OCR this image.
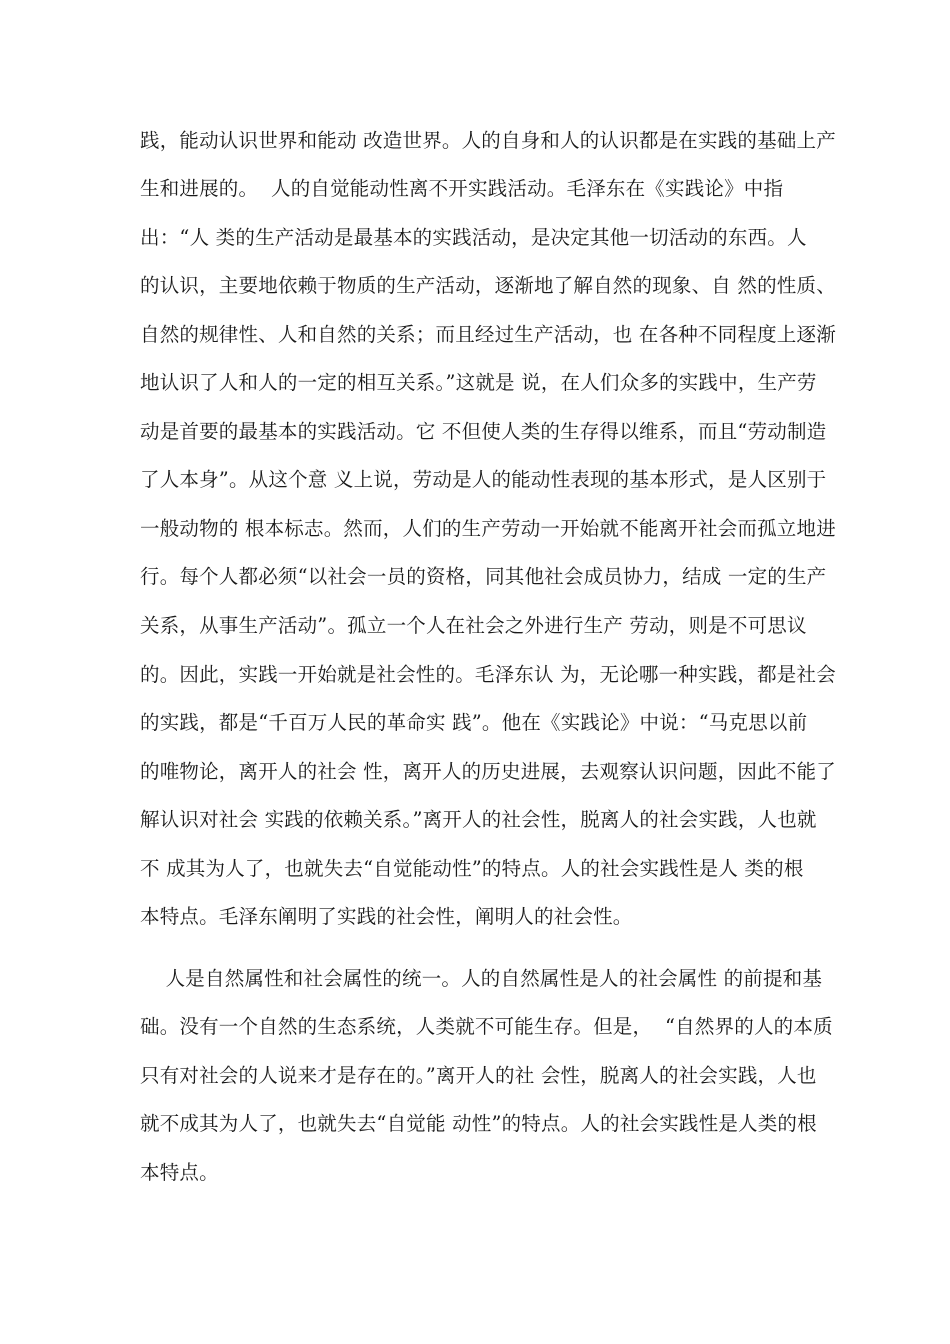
践，能动认识世界和能动 改造世界。人的自身和人的认识都是在实践的基础上产
生和进展的。  人的自觉能动性离不开实践活动。毛泽东在《实践论》中指
出：“人 类的生产活动是最基本的实践活动，是决定其他一切活动的东西。人
的认识，主要地依赖于物质的生产活动，逐渐地了解自然的现象、自 然的性质、
自然的规律性、人和自然的关系；而且经过生产活动，也 在各种不同程度上逐渐
地认识了人和人的一定的相互关系。”这就是 说，在人们众多的实践中，生产劳
动是首要的最基本的实践活动。它 不但使人类的生存得以维系，而且“劳动制造
了人本身”。从这个意 义上说，劳动是人的能动性表现的基本形式，是人区别于
一般动物的 根本标志。然而，人们的生产劳动一开始就不能离开社会而孤立地进
行。每个人都必须“以社会一员的资格，同其他社会成员协力，结成 一定的生产
关系，从事生产活动”。孤立一个人在社会之外进行生产 劳动，则是不可思议
的。因此，实践一开始就是社会性的。毛泽东认 为，无论哪一种实践，都是社会
的实践，都是“千百万人民的革命实 践”。他在《实践论》中说：“马克思以前
的唯物论，离开人的社会 性，离开人的历史进展，去观察认识问题，因此不能了
解认识对社会 实践的依赖关系。”离开人的社会性，脱离人的社会实践，人也就
不 成其为人了，也就失去“自觉能动性”的特点。人的社会实践性是人 类的根
本特点。毛泽东阐明了实践的社会性，阐明人的社会性。
人是自然属性和社会属性的统一。人的自然属性是人的社会属性 的前提和基
础。没有一个自然的生态系统，人类就不可能生存。但是，  “自然界的人的本质
只有对社会的人说来才是存在的。”离开人的社 会性，脱离人的社会实践，人也
就不成其为人了，也就失去“自觉能 动性”的特点。人的社会实践性是人类的根
本特点。
